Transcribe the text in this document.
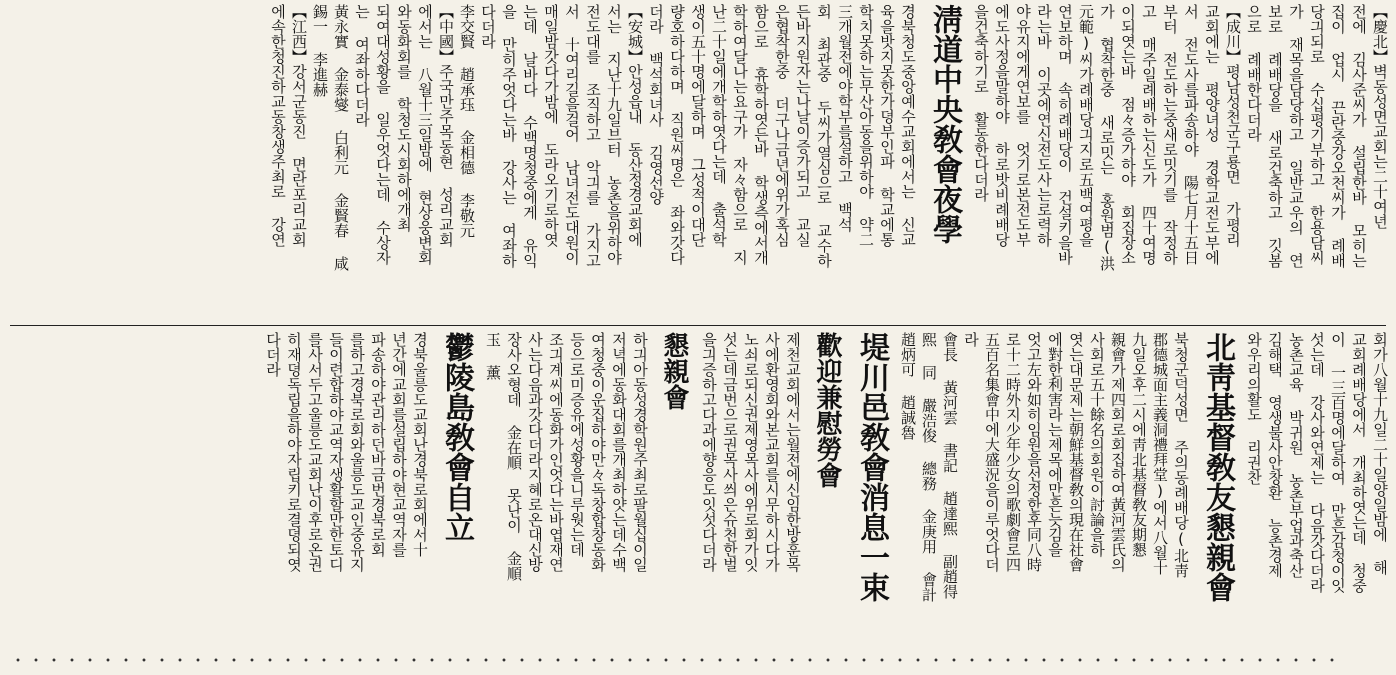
【慶北】벽동성면교회는二十여년
전에 김사준씨가 설립한바 모히는
집이 업시 끈란중강오천씨가 례배
당긔되로 수십평기부하고 한용담씨
가 재목을담당하고 일반교우의 연
보로 례배당을 새로건축하고 깃봄
으로 례배한다더라
【成川】평남성천군구룡면 가평리
교회에는 평양녀성 경학교전도부에
서 전도사를파송하야 陽七月十五日
부터 전도하는중새로밋기를 작정하
고 매주일례배하는신도가 四十여명
이되엿는바 점々증가하야 회집장소
가 협착한중 새로밋는 홍원범(洪
元範)씨가례배당긔지로五백여평을
연보하며 속히례배당이 건설키을바
라는바 이곳에연신전도사는로력하
야유지에게연보를 엇기로본전도부
에도사정을말하야 하로밧비례배당
을건축하기로 활동한다더라
淸道中央敎會夜學
경북청도중앙예수교회에서는 신교
육을밧지못한가뎡부인파 학교에통
학치못하는무산아동을위하야 약二
三개월전에야학부를설하고 백석
회 최관중 두씨가열심으로 교수하
든바지원자는나날이증가되고 교실
은협착한중 더구나금년에위가혹심
함으로 휴학하엿든바 학생측에서개
학하여달나는요구가 자々함으로 지
난二十일에개학하엿다는데 출석학
생이五十명에달하며 그성적이대단
량호하다하며 직원씨명은 좌와갓다
더라 백석회녀사 김영선양
【安城】안성읍내 동산정경교회에
서는 지난十九일브터 농촌을위하야
전도대를 조직하고 악긔를 가지고
서 十여리길을걸어 남녀전도대원이
매일밤갓다가밤에 도라오기로하엿
는데 날바다 수백명청중에게 유익
을 만히주엇다는바 강사는 여좌하
다더라
李交賢 趙承珏 金相德 李敬元
【中國】주국만주목동현 성리교회
에서는 八월十三일밤에 현상웅변회
와동화회를 학청도시회하에개최
되여대성황을 일우엇다는데 수상자
는 여좌하다더라
黃永實 金泰燮 白利元 金賢春 咸
錫一 李進赫
【江西】강서군동진 면란포리교회
에속한청진하교동창생주최로 강연
회가八월十九일二十일양일밤에 해
교회례배당에서 개최하엿는데 청중
이 一三百명에달하여 만흔감청이잇
섯는데 강사와연제는 다음갓다더라
농촌교육 박귀원 농촌부업과축산
김해택 영생불사안창환 능촌경제
와우리의활도 리권찬
北靑基督敎友懇親會
북청군덕성면 주의동례배당(北靑
郡德城面主義洞禮拜堂)에서八월十
九일오후二시에靑北基督敎友期懇
親會가제四회로회집하여黃河雲氏의
사회로五十餘名의회원이討論을하
엿는대문제는朝鮮基督敎의現在社會
에對한利害라는제목에만흔늣김을
엇고左와如히임원을선정한후同八時
로十二時外지少年少女의歌劇會로四
五百名集會中에大盛況을이루엇다더
라
會長 黃河雲 書記 趙達熙 副趙得
熙 同 嚴浩俊 總務 金庚用 會計
趙炳可 趙誠魯
堤川邑敎會消息一束
歡迎兼慰勞會
제천교회에서는월전에신임한방훈목
사에환영회와본교회를시무하시다가
노쇠로되신권제영목사에위로회가잇
섯는데금번으로권목사씌은슈천한벌
을긔증하고다과에향응도잇섯다더라
懇親會
하긔아동성경학원주최로팔월십이일
저녁에동화대회를개최하얏는데수백
여청중이운집하야만々독창합창동화
등으로미증유에성황을니루웟는데
조긔계씨에동화가인엇다는바엽재연
사는다음과갓다더라지혜로온대신방
장사오형데 金在順 못난이 金順
玉 薰
鬱陵島敎會自立
경북울릉도교회난경북로회에서十
년간에교회를설립하야현교역자를
파송하야관리하던바금번경북로회
를하고경북로회와울릉도교인중유지
들이련합하야교역자생활할만한토디
를사서두고울릉도교회난이후로온권
히재뎡독립을하야자립키로결뎡되엿
다더라
・・・・・・・・・・・・・・・・・・・・・・・・・・・・・・・・・・・・・・・・・・・・・・・・・・・・・・・・・・・・・・・・・・・・・・・・・・
